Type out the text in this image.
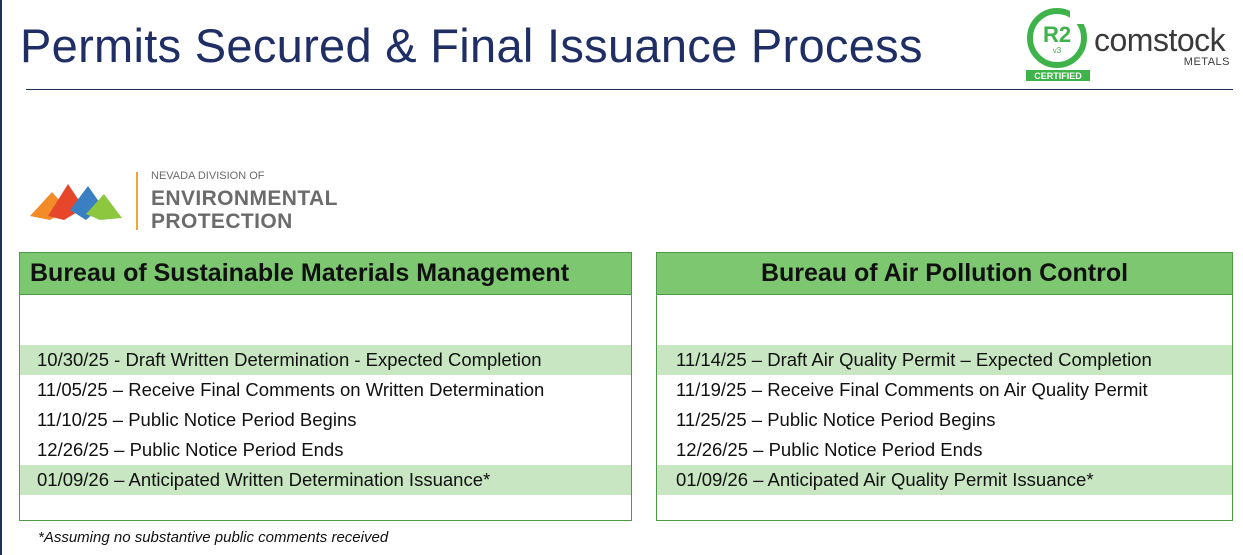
Permits Secured & Final Issuance Process	R2
v3
CERTIFIED
comstock
METALS
NEVADA DIVISION OF
ENVIRONMENTAL
PROTECTION
Bureau of Sustainable Materials Management
10/30/25 - Draft Written Determination - Expected Completion
11/05/25 – Receive Final Comments on Written Determination
11/10/25 – Public Notice Period Begins
12/26/25 – Public Notice Period Ends
01/09/26 – Anticipated Written Determination Issuance*
Bureau of Air Pollution Control
11/14/25 – Draft Air Quality Permit – Expected Completion
11/19/25 – Receive Final Comments on Air Quality Permit
11/25/25 – Public Notice Period Begins
12/26/25 – Public Notice Period Ends
01/09/26 – Anticipated Air Quality Permit Issuance*
*Assuming no substantive public comments received
